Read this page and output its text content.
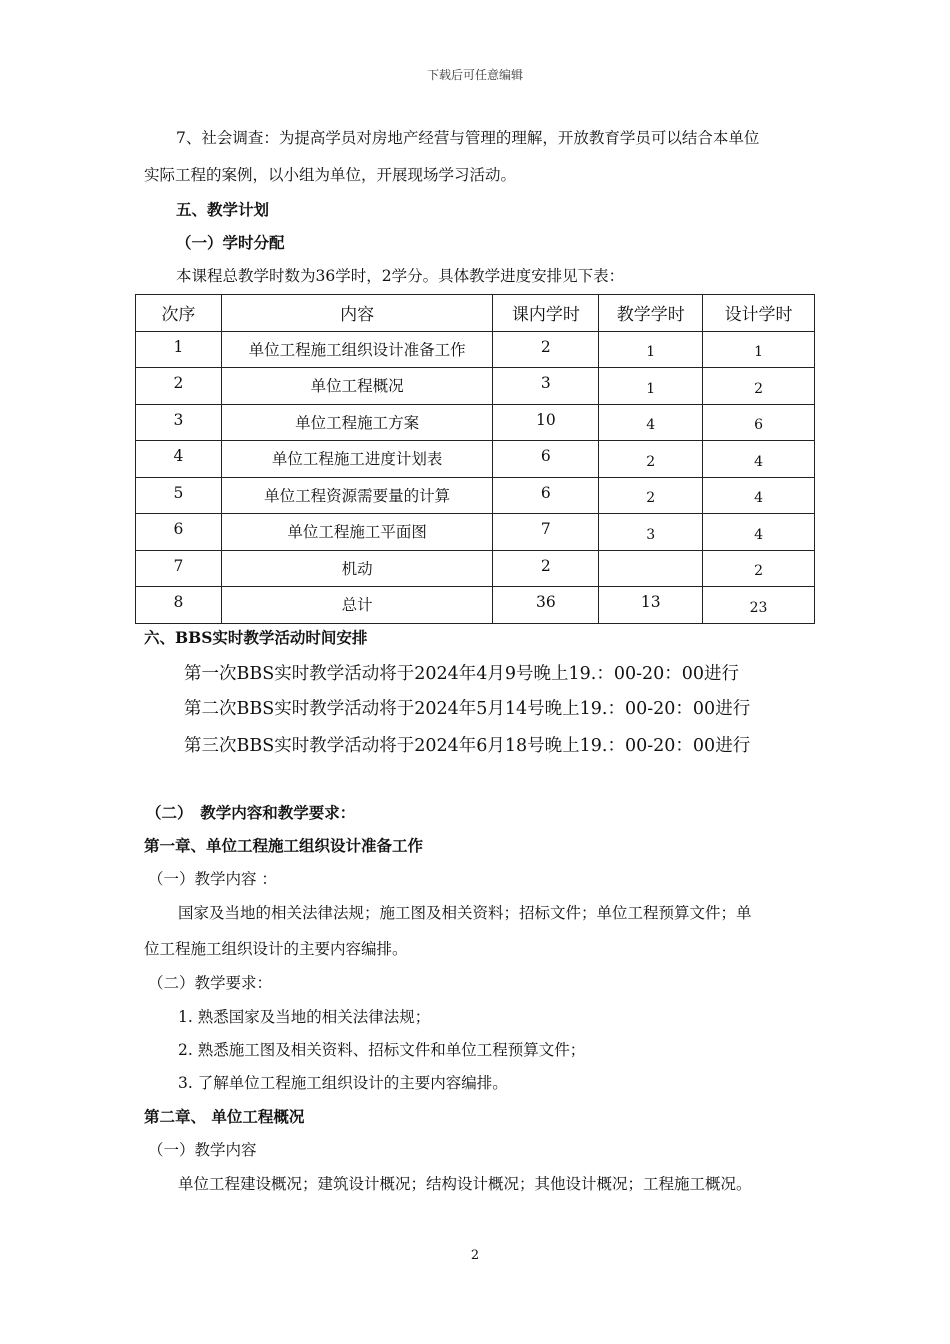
下载后可任意编辑
7、社会调查：为提高学员对房地产经营与管理的理解，开放教育学员可以结合本单位
实际工程的案例，以小组为单位，开展现场学习活动。
五、教学计划
（一）学时分配
本课程总教学时数为36学时，2学分。具体教学进度安排见下表：
次序	内容	课内学时	教学学时	设计学时
1	单位工程施工组织设计准备工作	2	1	1
2	单位工程概况	3	1	2
3	单位工程施工方案	10	4	6
4	单位工程施工进度计划表	6	2	4
5	单位工程资源需要量的计算	6	2	4
6	单位工程施工平面图	7	3	4
7	机动	2		2
8	总计	36	13	23
六、BBS实时教学活动时间安排
第一次BBS实时教学活动将于2024年4月9号晚上19.：00-20：00进行
第二次BBS实时教学活动将于2024年5月14号晚上19.：00-20：00进行
第三次BBS实时教学活动将于2024年6月18号晚上19.：00-20：00进行
（二）　教学内容和教学要求：
第一章、单位工程施工组织设计准备工作
（一）教学内容 ：
国家及当地的相关法律法规；施工图及相关资料；招标文件；单位工程预算文件；单
位工程施工组织设计的主要内容编排。
（二）教学要求：
1. 熟悉国家及当地的相关法律法规；
2. 熟悉施工图及相关资料、招标文件和单位工程预算文件；
3. 了解单位工程施工组织设计的主要内容编排。
第二章、 单位工程概况
（一）教学内容
单位工程建设概况；建筑设计概况；结构设计概况；其他设计概况；工程施工概况。
2
